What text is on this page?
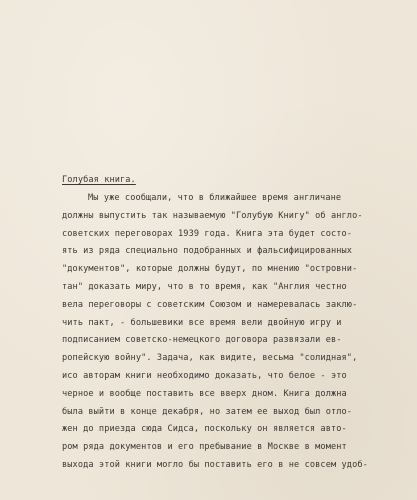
Голубая книга.
Мы уже сообщали, что в ближайшее время англичане
должны выпустить так называемую "Голубую Книгу" об англо-
советских переговорах 1939 года. Книга эта будет состо-
ять из ряда специально подобранных и фальсифицированных
"документов", которые должны будут, по мнению "островни-
тан" доказать миру, что в то время, как "Англия честно
вела переговоры с советским Союзом и намеревалась заклю-
чить пакт, - большевики все время вели двойную игру и
подписанием советско-немецкого договора развязали ев-
ропейскую войну". Задача, как видите, весьма "солидная",
исо авторам книги необходимо доказать, что белое - это
черное и вообще поставить все вверх дном. Книга должна
была выйти в конце декабря, но затем ее выход был отло-
жен до приезда сюда Сидса, поскольку он является авто-
ром ряда документов и его пребывание в Москве в момент
выхода этой книги могло бы поставить его в не совсем удоб-
